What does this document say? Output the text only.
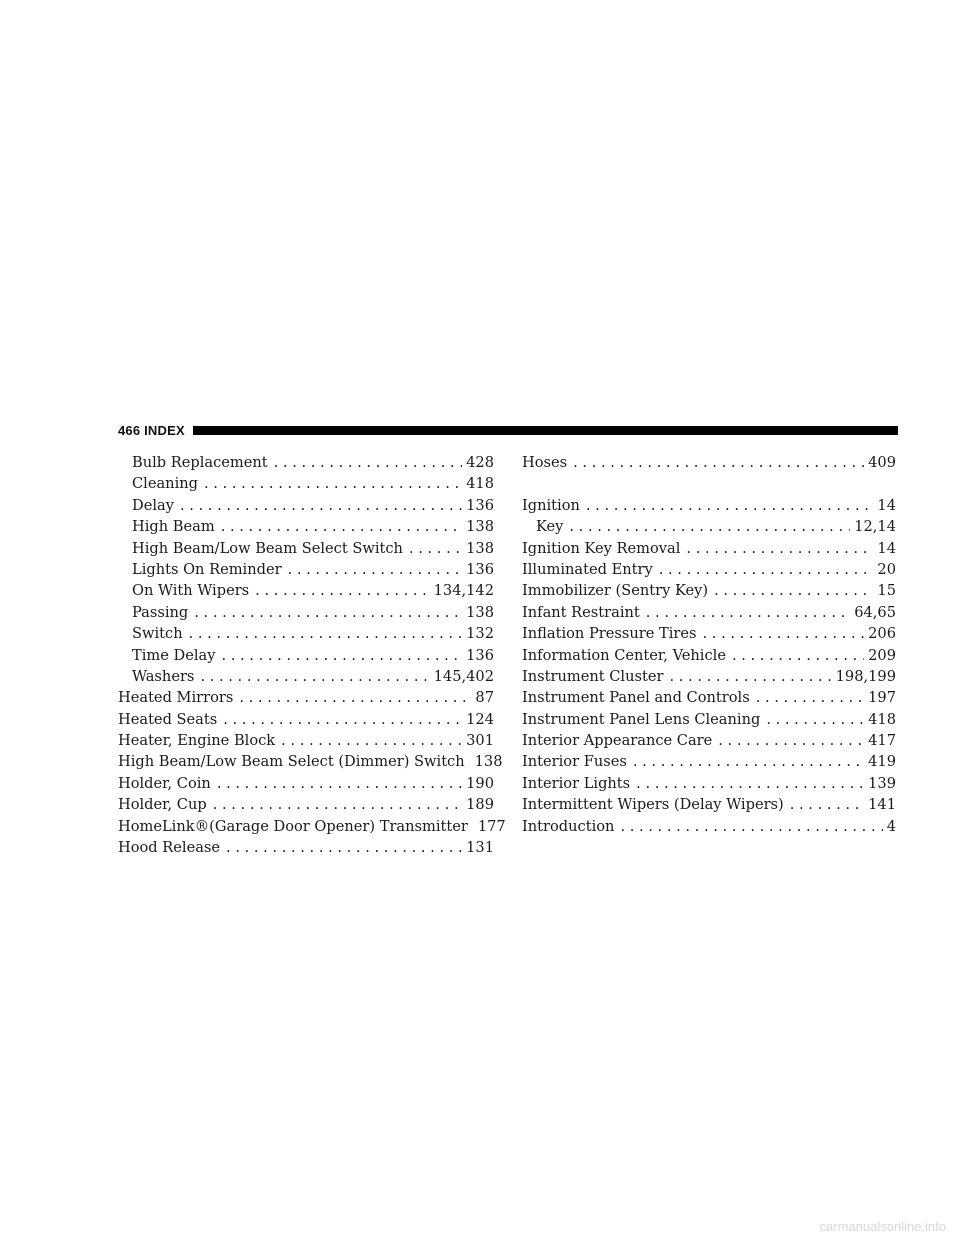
466 INDEX
Bulb Replacement . . .	428
Cleaning . . .	418
Delay . . .	136
High Beam . . .	138
High Beam/Low Beam Select Switch . . .	138
Lights On Reminder . . .	136
On With Wipers . . .	134,142
Passing . . .	138
Switch . . .	132
Time Delay . . .	136
Washers . . .	145,402
Heated Mirrors . . .	87
Heated Seats . . .	124
Heater, Engine Block . . .	301
High Beam/Low Beam Select (Dimmer) Switch 138
Holder, Coin . . .	190
Holder, Cup . . .	189
HomeLink®(Garage Door Opener) Transmitter 177
Hood Release . . .	131
Hoses . . .	409
Ignition . . .	14
Key . . .	12,14
Ignition Key Removal . . .	14
Illuminated Entry . . .	20
Immobilizer (Sentry Key) . . .	15
Infant Restraint . . .	64,65
Inflation Pressure Tires . . .	206
Information Center, Vehicle . . .	209
Instrument Cluster . . .	198,199
Instrument Panel and Controls . . .	197
Instrument Panel Lens Cleaning . . .	418
Interior Appearance Care . . .	417
Interior Fuses . . .	419
Interior Lights . . .	139
Intermittent Wipers (Delay Wipers) . . .	141
Introduction . . .	4
carmanualsonline.info
